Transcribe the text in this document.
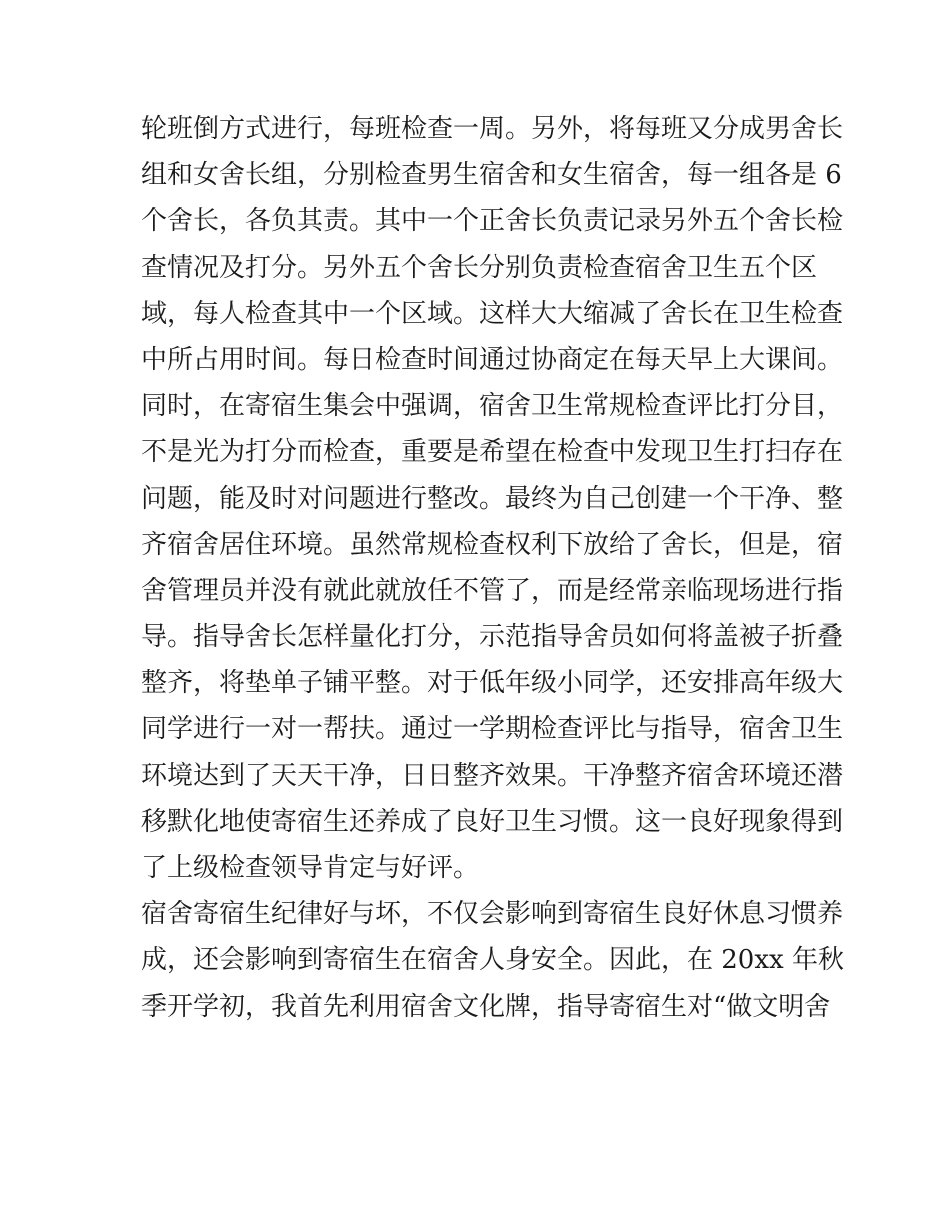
轮班倒方式进行，每班检查一周。另外，将每班又分成男舍长

组和女舍长组，分别检查男生宿舍和女生宿舍，每一组各是 6

个舍长，各负其责。其中一个正舍长负责记录另外五个舍长检

查情况及打分。另外五个舍长分别负责检查宿舍卫生五个区

域，每人检查其中一个区域。这样大大缩减了舍长在卫生检查

中所占用时间。每日检查时间通过协商定在每天早上大课间。

同时，在寄宿生集会中强调，宿舍卫生常规检查评比打分目，

不是光为打分而检查，重要是希望在检查中发现卫生打扫存在

问题，能及时对问题进行整改。最终为自己创建一个干净、整

齐宿舍居住环境。虽然常规检查权利下放给了舍长，但是，宿

舍管理员并没有就此就放任不管了，而是经常亲临现场进行指

导。指导舍长怎样量化打分，示范指导舍员如何将盖被子折叠

整齐，将垫单子铺平整。对于低年级小同学，还安排高年级大

同学进行一对一帮扶。通过一学期检查评比与指导，宿舍卫生

环境达到了天天干净，日日整齐效果。干净整齐宿舍环境还潜

移默化地使寄宿生还养成了良好卫生习惯。这一良好现象得到

了上级检查领导肯定与好评。

宿舍寄宿生纪律好与坏，不仅会影响到寄宿生良好休息习惯养

成，还会影响到寄宿生在宿舍人身安全。因此，在 20xx 年秋

季开学初，我首先利用宿舍文化牌，指导寄宿生对“做文明舍
